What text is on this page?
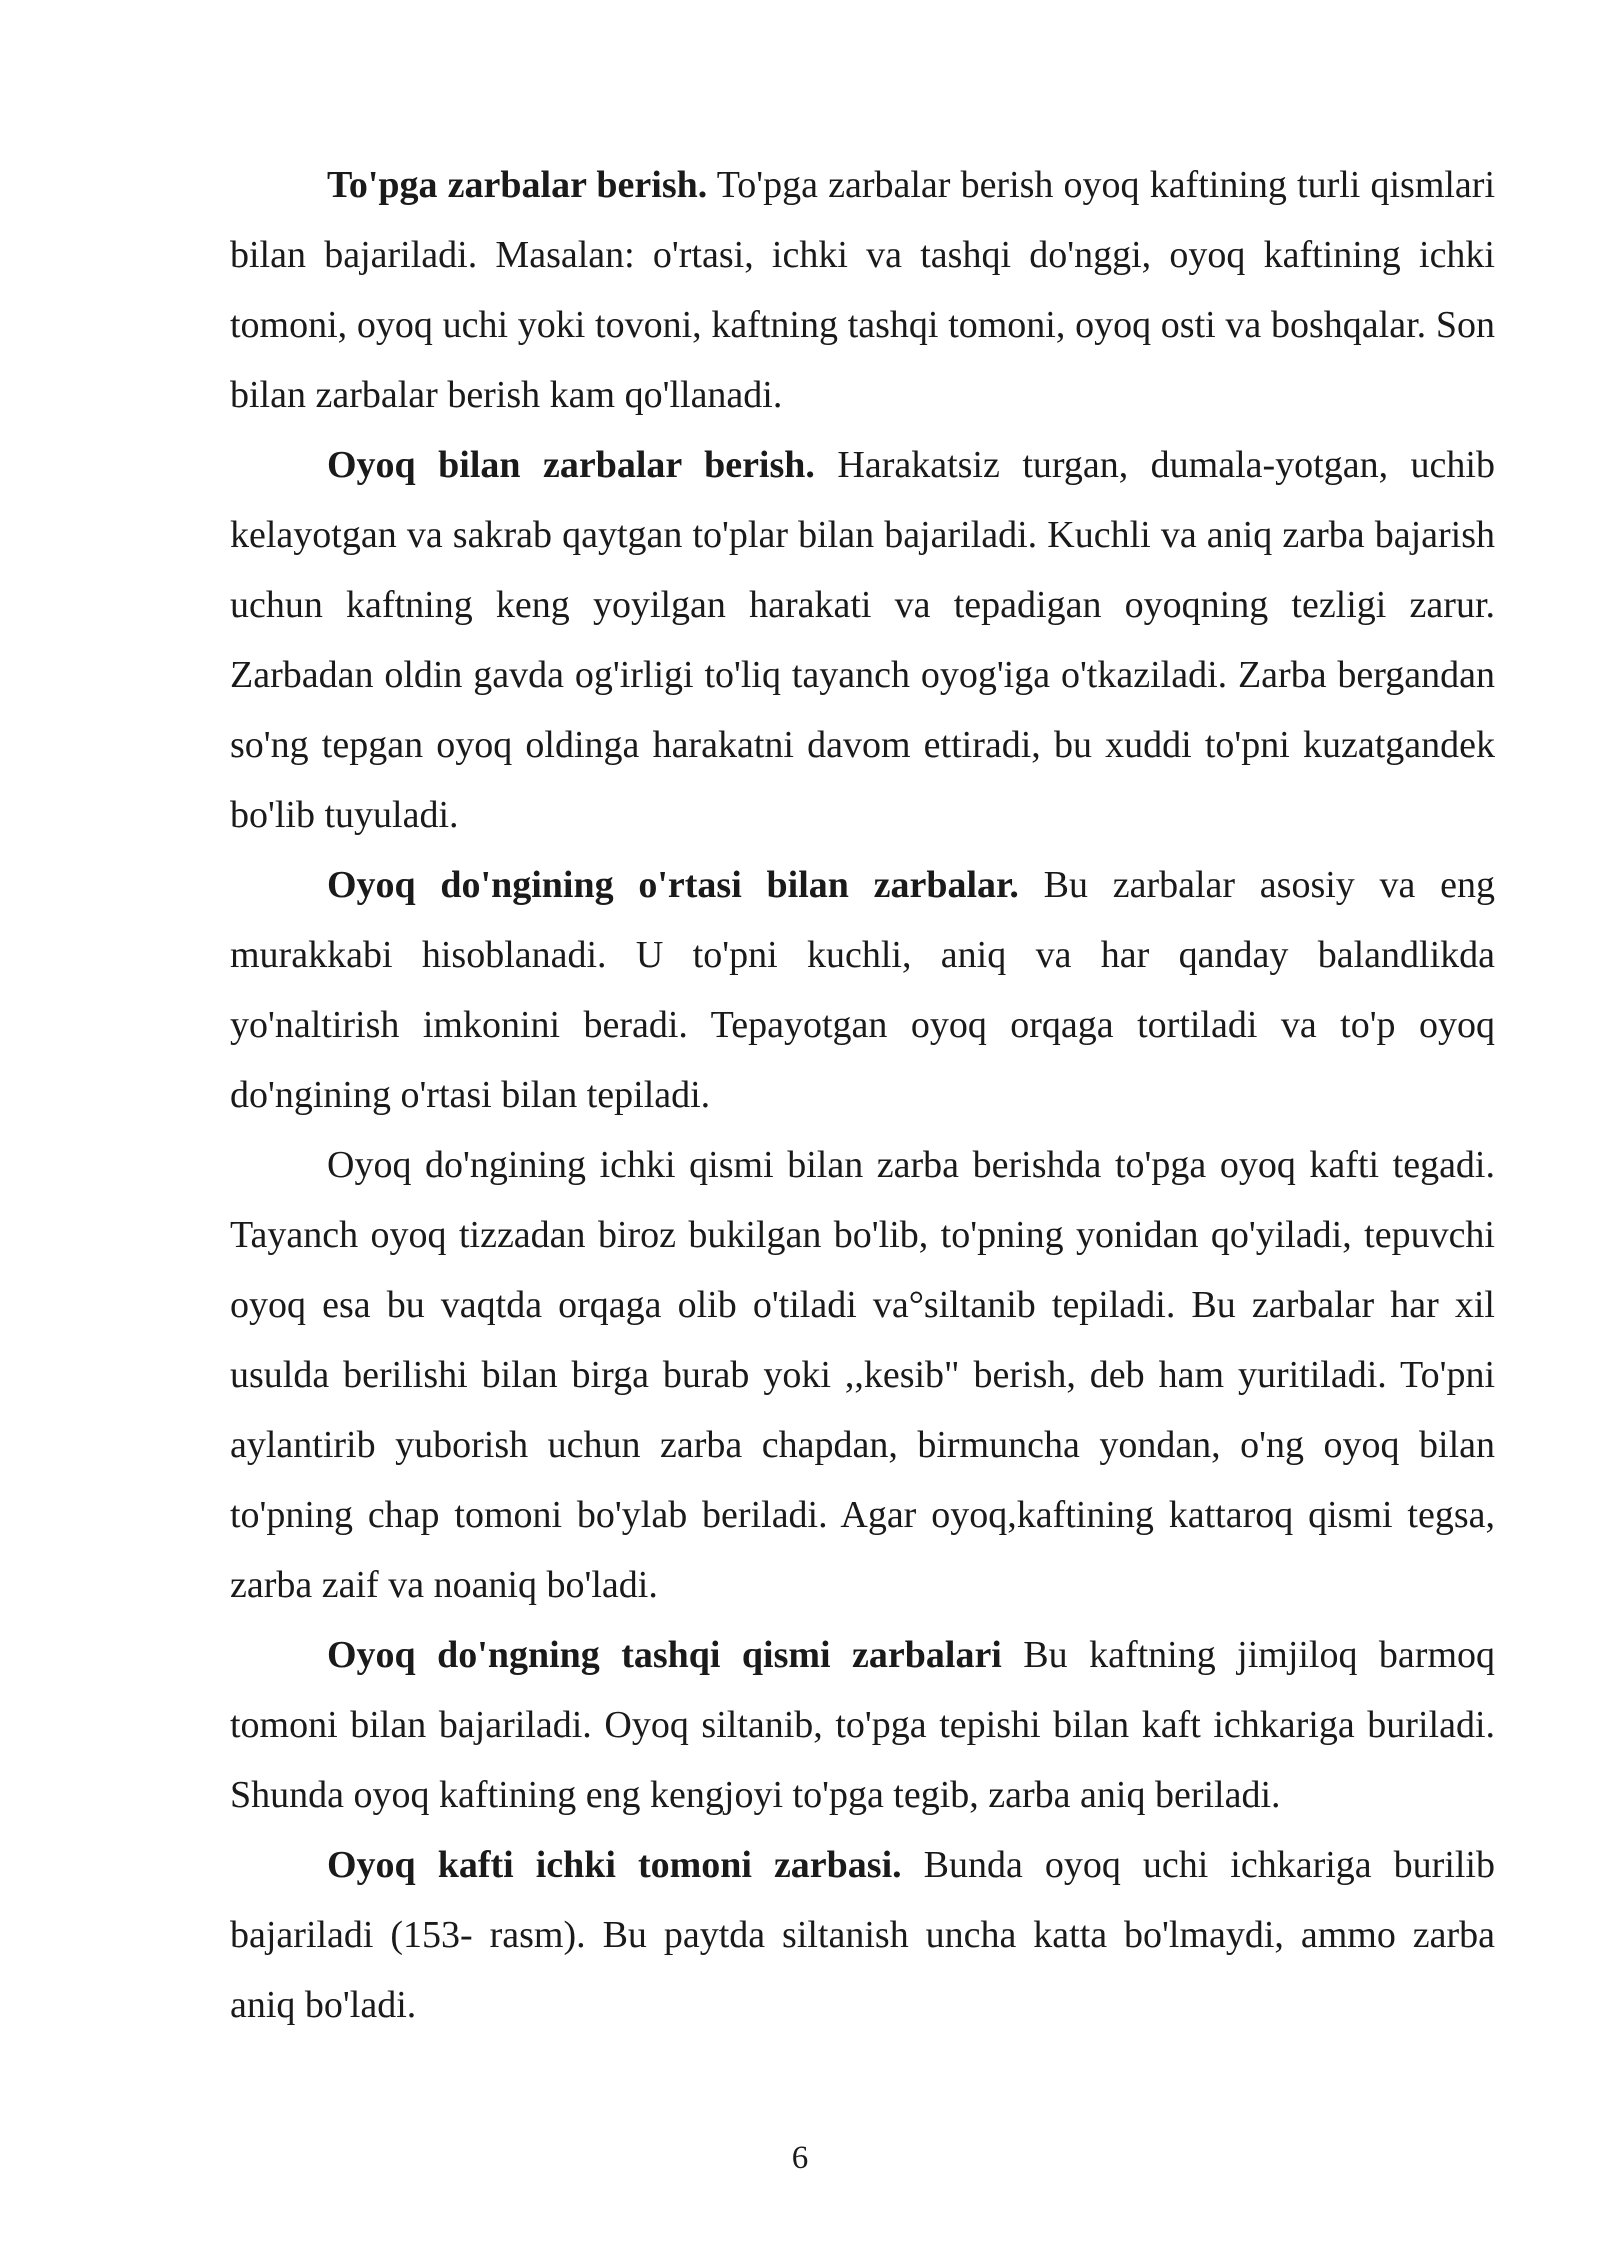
To'pga zarbalar berish. To'pga zarbalar berish oyoq kaftining turli qismlari bilan bajariladi. Masalan: o'rtasi, ichki va tashqi do'nggi, oyoq kaftining ichki tomoni, oyoq uchi yoki tovoni, kaftning tashqi tomoni, oyoq osti va boshqalar. Son bilan zarbalar berish kam qo'llanadi.

Oyoq bilan zarbalar berish. Harakatsiz turgan, dumala-yotgan, uchib kelayotgan va sakrab qaytgan to'plar bilan bajariladi. Kuchli va aniq zarba bajarish uchun kaftning keng yoyilgan harakati va tepadigan oyoqning tezligi zarur. Zarbadan oldin gavda og'irligi to'liq tayanch oyog'iga o'tkaziladi. Zarba bergandan so'ng tepgan oyoq oldinga harakatni davom ettiradi, bu xuddi to'pni kuzatgandek bo'lib tuyuladi.

Oyoq do'ngining o'rtasi bilan zarbalar. Bu zarbalar asosiy va eng murakkabi hisoblanadi. U to'pni kuchli, aniq va har qanday balandlikda yo'naltirish imkonini beradi. Tepayotgan oyoq orqaga tortiladi va to'p oyoq do'ngining o'rtasi bilan tepiladi.

Oyoq do'ngining ichki qismi bilan zarba berishda to'pga oyoq kafti tegadi. Tayanch oyoq tizzadan biroz bukilgan bo'lib, to'pning yonidan qo'yiladi, tepuvchi oyoq esa bu vaqtda orqaga olib o'tiladi va°siltanib tepiladi. Bu zarbalar har xil usulda berilishi bilan birga burab yoki ,,kesib" berish, deb ham yuritiladi. To'pni aylantirib yuborish uchun zarba chapdan, birmuncha yondan, o'ng oyoq bilan to'pning chap tomoni bo'ylab beriladi. Agar oyoq,kaftining kattaroq qismi tegsa, zarba zaif va noaniq bo'ladi.

Oyoq do'ngning tashqi qismi zarbalari Bu kaftning jimjiloq barmoq tomoni bilan bajariladi. Oyoq siltanib, to'pga tepishi bilan kaft ichkariga buriladi. Shunda oyoq kaftining eng kengjoyi to'pga tegib, zarba aniq beriladi.

Oyoq kafti ichki tomoni zarbasi. Bunda oyoq uchi ichkariga burilib bajariladi (153- rasm). Bu paytda siltanish uncha katta bo'lmaydi, ammo zarba aniq bo'ladi.

6
